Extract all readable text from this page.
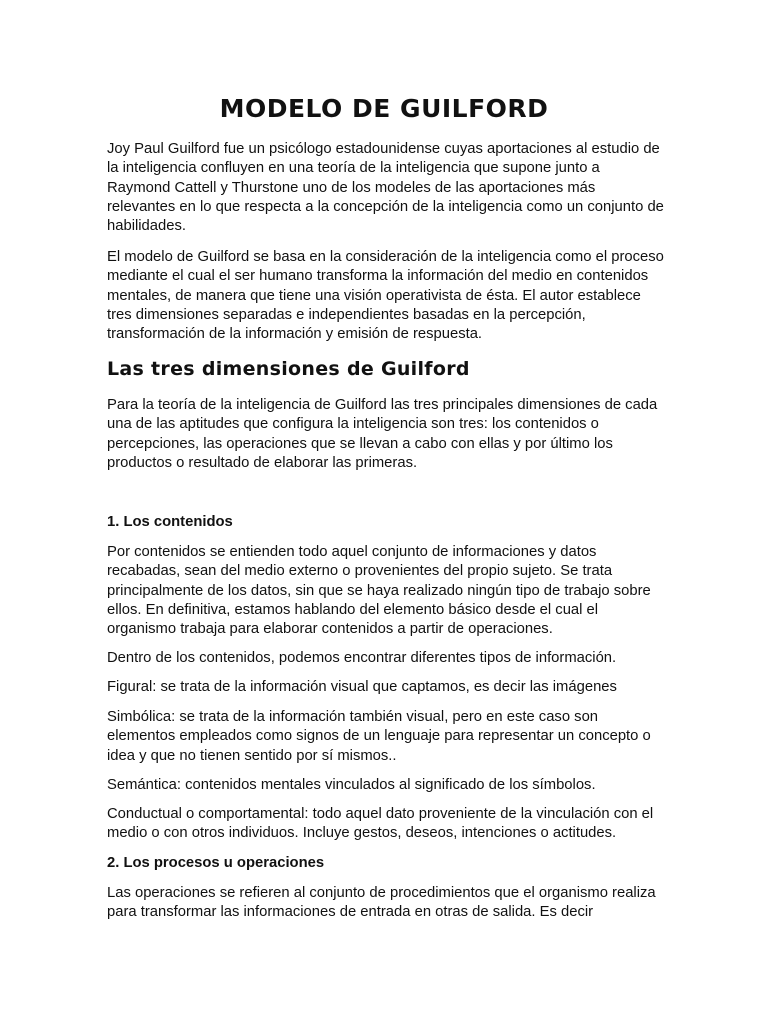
MODELO DE GUILFORD

Joy Paul Guilford fue un psicólogo estadounidense cuyas aportaciones al estudio de la inteligencia confluyen en una teoría de la inteligencia que supone junto a Raymond Cattell y Thurstone uno de los modeles de las aportaciones más relevantes en lo que respecta a la concepción de la inteligencia como un conjunto de habilidades.

El modelo de Guilford se basa en la consideración de la inteligencia como el proceso mediante el cual el ser humano transforma la información del medio en contenidos mentales, de manera que tiene una visión operativista de ésta. El autor establece tres dimensiones separadas e independientes basadas en la percepción, transformación de la información y emisión de respuesta.

Las tres dimensiones de Guilford

Para la teoría de la inteligencia de Guilford las tres principales dimensiones de cada una de las aptitudes que configura la inteligencia son tres: los contenidos o percepciones, las operaciones que se llevan a cabo con ellas y por último los productos o resultado de elaborar las primeras.

1. Los contenidos

Por contenidos se entienden todo aquel conjunto de informaciones y datos recabadas, sean del medio externo o provenientes del propio sujeto. Se trata principalmente de los datos, sin que se haya realizado ningún tipo de trabajo sobre ellos. En definitiva, estamos hablando del elemento básico desde el cual el organismo trabaja para elaborar contenidos a partir de operaciones.

Dentro de los contenidos, podemos encontrar diferentes tipos de información.

Figural: se trata de la información visual que captamos, es decir las imágenes

Simbólica: se trata de la información también visual, pero en este caso son elementos empleados como signos de un lenguaje para representar un concepto o idea y que no tienen sentido por sí mismos..

Semántica: contenidos mentales vinculados al significado de los símbolos.

Conductual o comportamental: todo aquel dato proveniente de la vinculación con el medio o con otros individuos. Incluye gestos, deseos, intenciones o actitudes.

2. Los procesos u operaciones

Las operaciones se refieren al conjunto de procedimientos que el organismo realiza para transformar las informaciones de entrada en otras de salida. Es decir
